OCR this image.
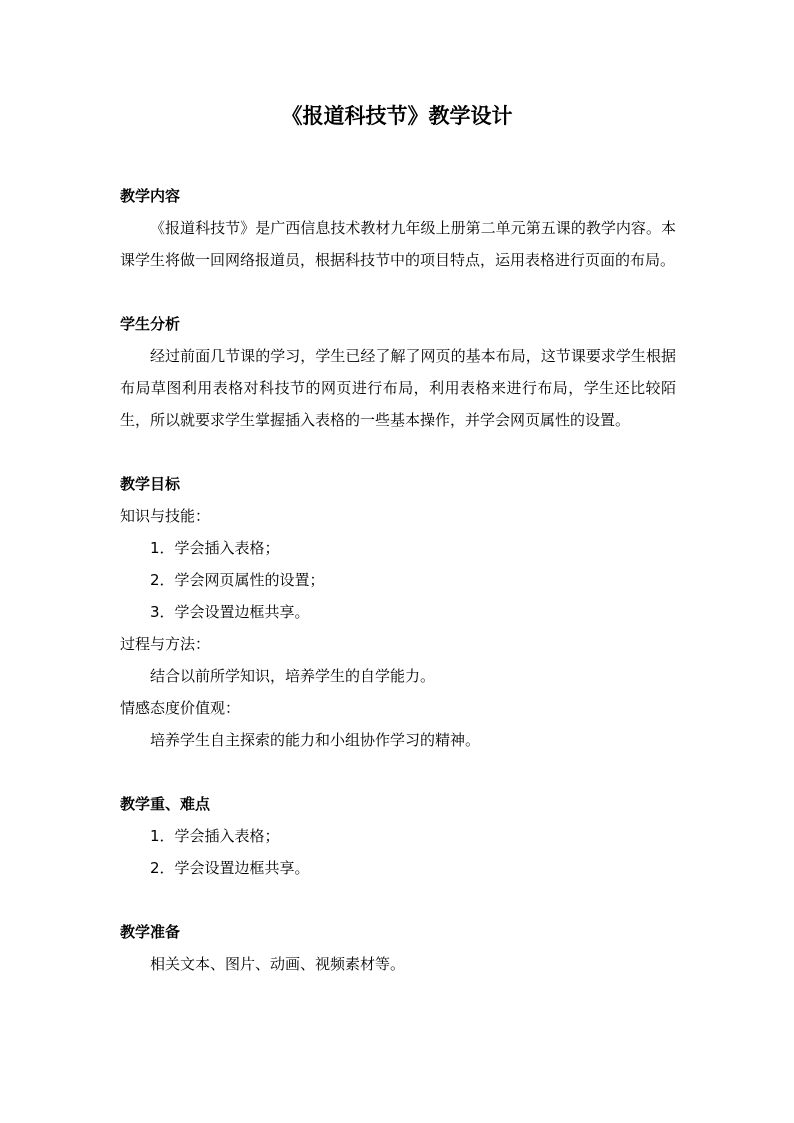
《报道科技节》教学设计
教学内容
《报道科技节》是广西信息技术教材九年级上册第二单元第五课的教学内容。本课学生将做一回网络报道员，根据科技节中的项目特点，运用表格进行页面的布局。
学生分析
经过前面几节课的学习，学生已经了解了网页的基本布局，这节课要求学生根据布局草图利用表格对科技节的网页进行布局，利用表格来进行布局，学生还比较陌生，所以就要求学生掌握插入表格的一些基本操作，并学会网页属性的设置。
教学目标
知识与技能：
1．学会插入表格；
2．学会网页属性的设置；
3．学会设置边框共享。
过程与方法：
结合以前所学知识，培养学生的自学能力。
情感态度价值观：
培养学生自主探索的能力和小组协作学习的精神。
教学重、难点
1．学会插入表格；
2．学会设置边框共享。
教学准备
相关文本、图片、动画、视频素材等。
